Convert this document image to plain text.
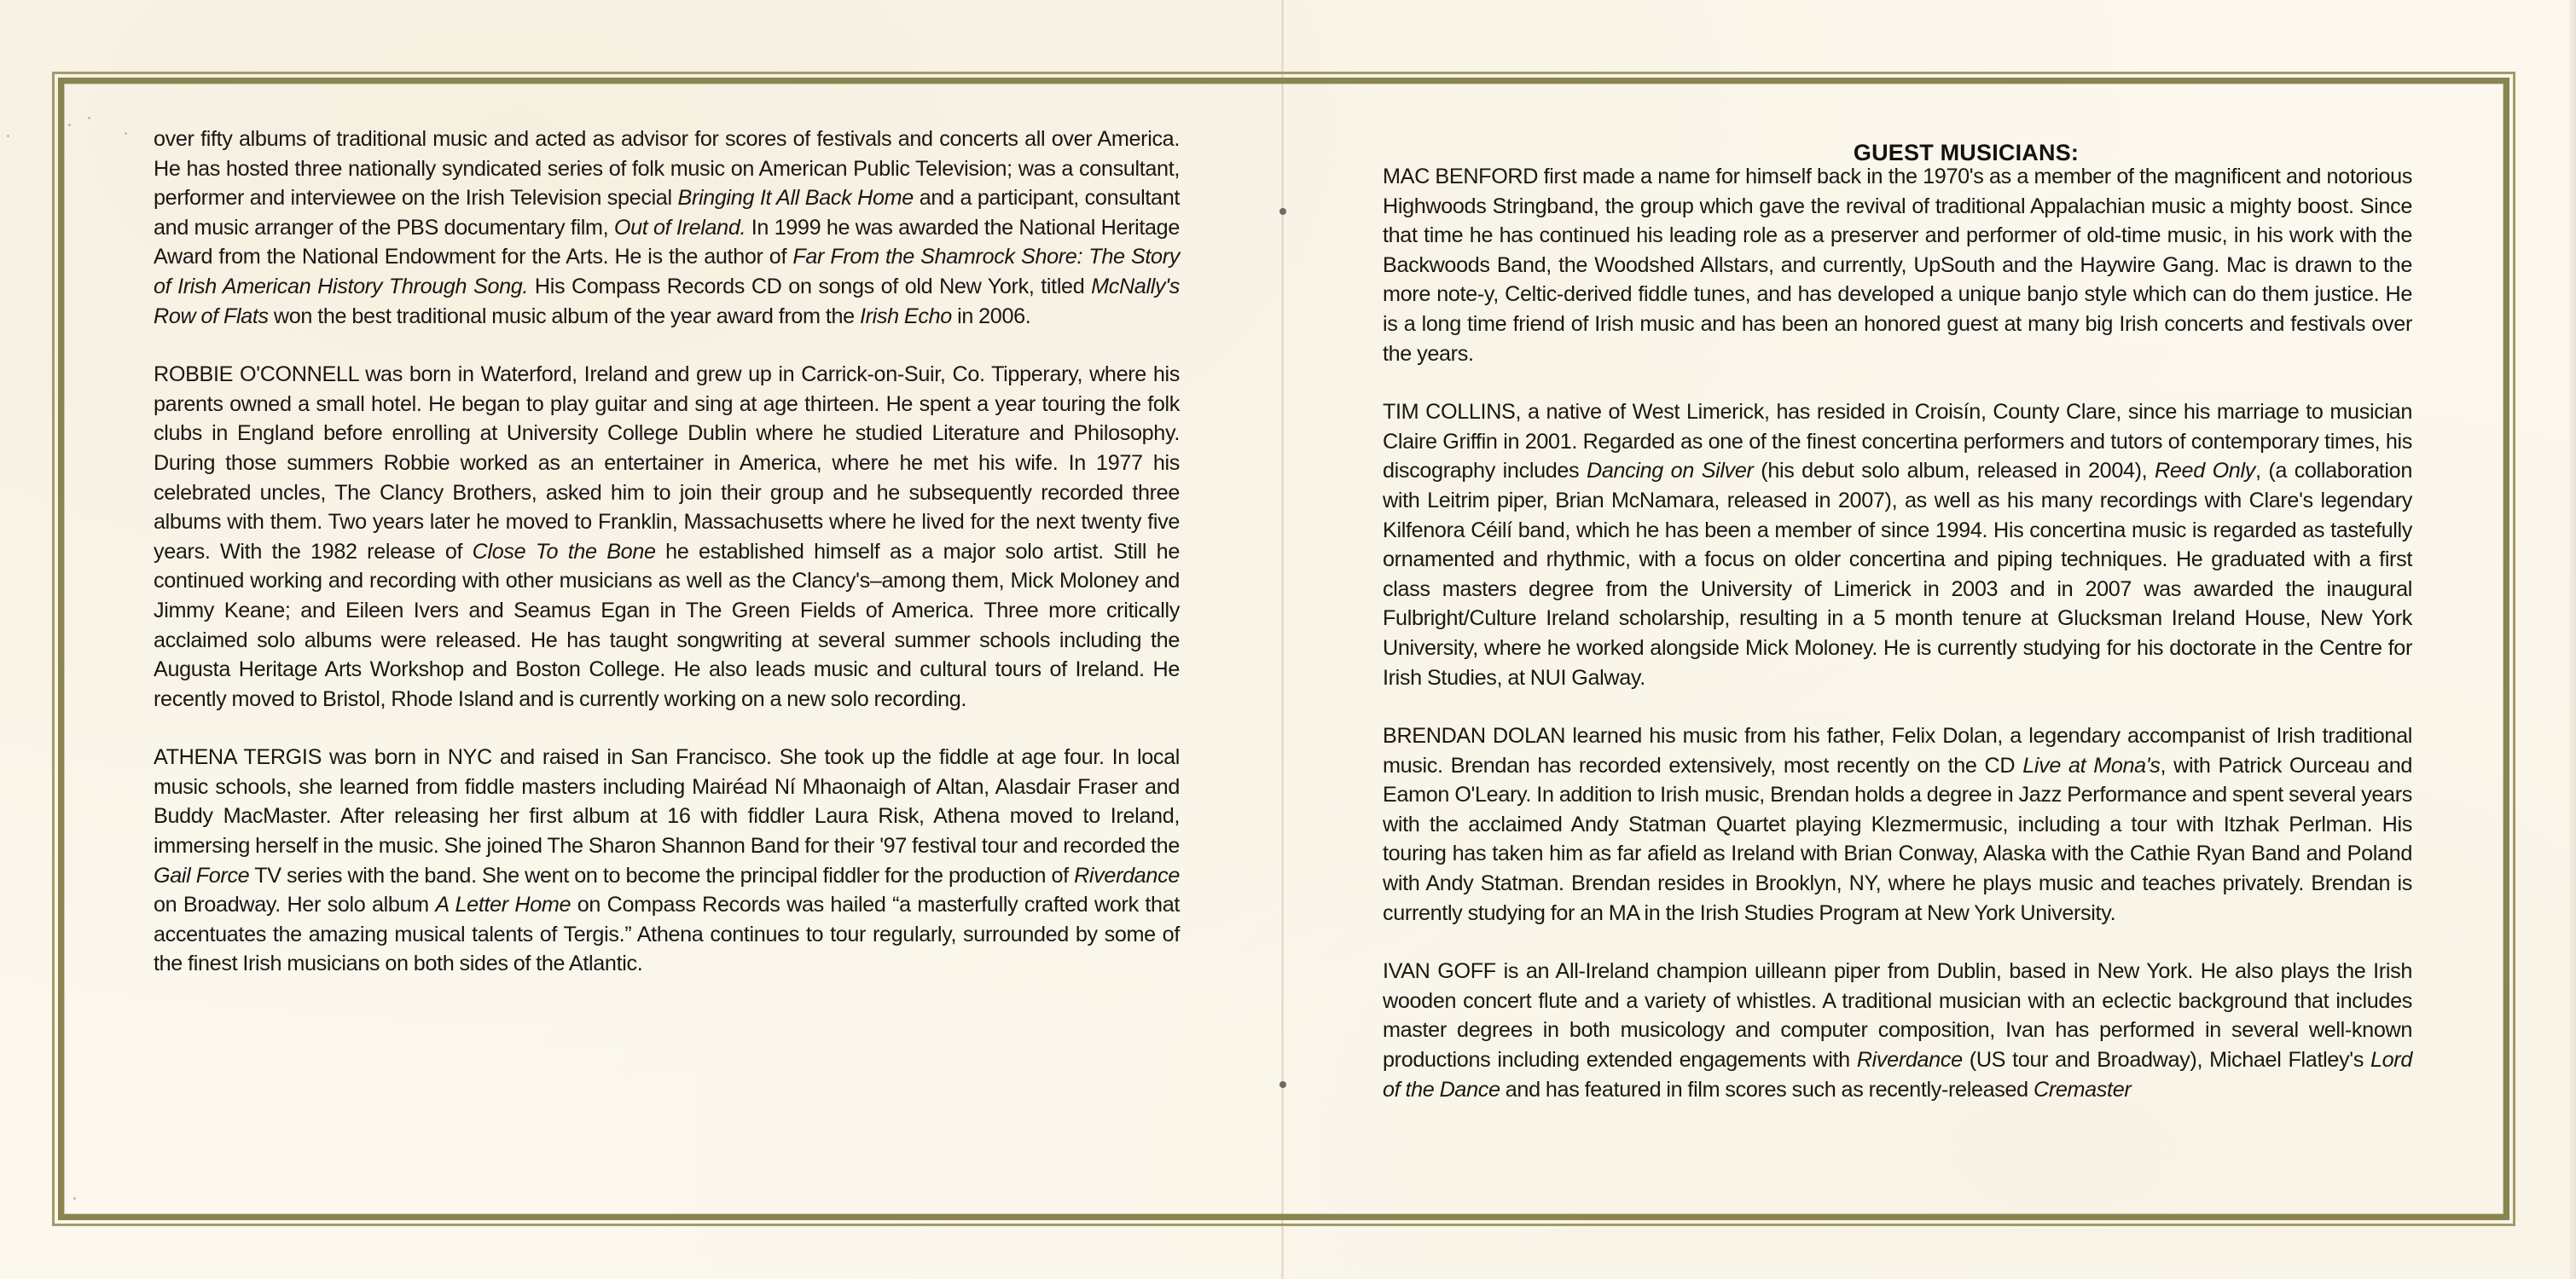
over fifty albums of traditional music and acted as advisor for scores of festivals and concerts all over America. He has hosted three nationally syndicated series of folk music on American Public Television; was a consultant, performer and interviewee on the Irish Television special Bringing It All Back Home and a participant, consultant and music arranger of the PBS documentary film, Out of Ireland. In 1999 he was awarded the National Heritage Award from the National Endowment for the Arts. He is the author of Far From the Shamrock Shore: The Story of Irish American History Through Song. His Compass Records CD on songs of old New York, titled McNally's Row of Flats won the best traditional music album of the year award from the Irish Echo in 2006.

ROBBIE O'CONNELL was born in Waterford, Ireland and grew up in Carrick-on-Suir, Co. Tipperary, where his parents owned a small hotel. He began to play guitar and sing at age thirteen. He spent a year touring the folk clubs in England before enrolling at University College Dublin where he studied Literature and Philosophy. During those summers Robbie worked as an entertainer in America, where he met his wife. In 1977 his celebrated uncles, The Clancy Brothers, asked him to join their group and he subsequently recorded three albums with them. Two years later he moved to Franklin, Massachusetts where he lived for the next twenty five years. With the 1982 release of Close To the Bone he established himself as a major solo artist. Still he continued working and recording with other musicians as well as the Clancy's–among them, Mick Moloney and Jimmy Keane; and Eileen Ivers and Seamus Egan in The Green Fields of America. Three more critically acclaimed solo albums were released. He has taught songwriting at several summer schools including the Augusta Heritage Arts Workshop and Boston College. He also leads music and cultural tours of Ireland. He recently moved to Bristol, Rhode Island and is currently working on a new solo recording.

ATHENA TERGIS was born in NYC and raised in San Francisco. She took up the fiddle at age four. In local music schools, she learned from fiddle masters including Mairéad Ní Mhaonaigh of Altan, Alasdair Fraser and Buddy MacMaster. After releasing her first album at 16 with fiddler Laura Risk, Athena moved to Ireland, immersing herself in the music. She joined The Sharon Shannon Band for their '97 festival tour and recorded the Gail Force TV series with the band. She went on to become the principal fiddler for the production of Riverdance on Broadway. Her solo album A Letter Home on Compass Records was hailed “a masterfully crafted work that accentuates the amazing musical talents of Tergis.” Athena continues to tour regularly, surrounded by some of the finest Irish musicians on both sides of the Atlantic.

GUEST MUSICIANS:

MAC BENFORD first made a name for himself back in the 1970's as a member of the magnificent and notorious Highwoods Stringband, the group which gave the revival of traditional Appalachian music a mighty boost. Since that time he has continued his leading role as a preserver and performer of old-time music, in his work with the Backwoods Band, the Woodshed Allstars, and currently, UpSouth and the Haywire Gang. Mac is drawn to the more note-y, Celtic-derived fiddle tunes, and has developed a unique banjo style which can do them justice. He is a long time friend of Irish music and has been an honored guest at many big Irish concerts and festivals over the years.

TIM COLLINS, a native of West Limerick, has resided in Croisín, County Clare, since his marriage to musician Claire Griffin in 2001. Regarded as one of the finest concertina performers and tutors of contemporary times, his discography includes Dancing on Silver (his debut solo album, released in 2004), Reed Only, (a collaboration with Leitrim piper, Brian McNamara, released in 2007), as well as his many recordings with Clare's legendary Kilfenora Céilí band, which he has been a member of since 1994. His concertina music is regarded as tastefully ornamented and rhythmic, with a focus on older concertina and piping techniques. He graduated with a first class masters degree from the University of Limerick in 2003 and in 2007 was awarded the inaugural Fulbright/Culture Ireland scholarship, resulting in a 5 month tenure at Glucksman Ireland House, New York University, where he worked alongside Mick Moloney. He is currently studying for his doctorate in the Centre for Irish Studies, at NUI Galway.

BRENDAN DOLAN learned his music from his father, Felix Dolan, a legendary accompanist of Irish traditional music. Brendan has recorded extensively, most recently on the CD Live at Mona's, with Patrick Ourceau and Eamon O'Leary. In addition to Irish music, Brendan holds a degree in Jazz Performance and spent several years with the acclaimed Andy Statman Quartet playing Klezmermusic, including a tour with Itzhak Perlman. His touring has taken him as far afield as Ireland with Brian Conway, Alaska with the Cathie Ryan Band and Poland with Andy Statman. Brendan resides in Brooklyn, NY, where he plays music and teaches privately. Brendan is currently studying for an MA in the Irish Studies Program at New York University.

IVAN GOFF is an All-Ireland champion uilleann piper from Dublin, based in New York. He also plays the Irish wooden concert flute and a variety of whistles. A traditional musician with an eclectic background that includes master degrees in both musicology and computer composition, Ivan has performed in several well-known productions including extended engagements with Riverdance (US tour and Broadway), Michael Flatley's Lord of the Dance and has featured in film scores such as recently-released Cremaster
